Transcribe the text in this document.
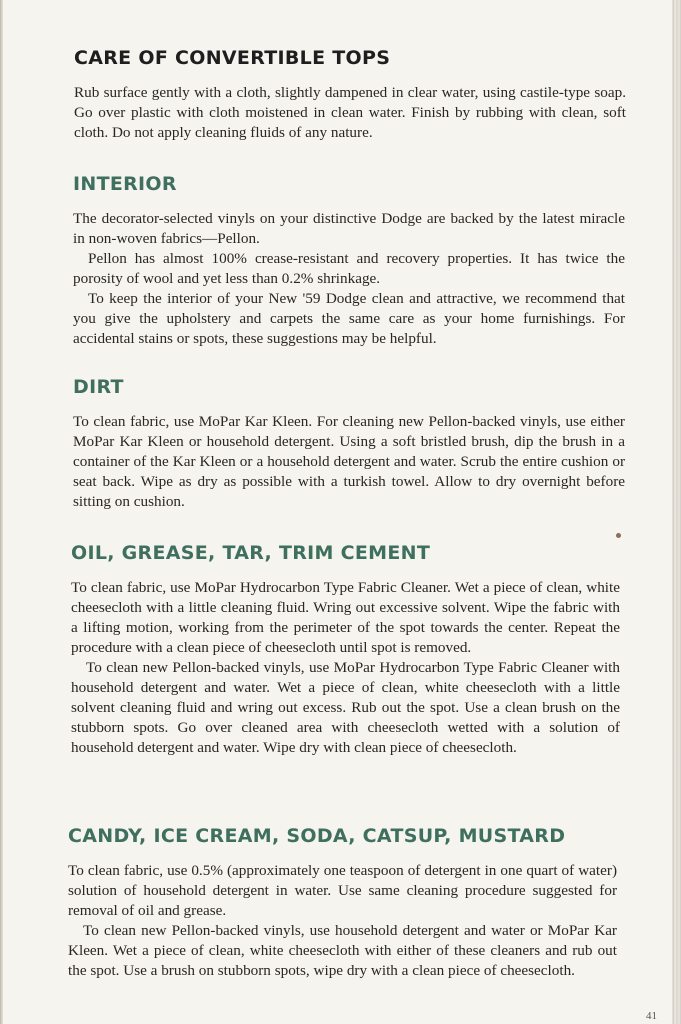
CARE OF CONVERTIBLE TOPS

Rub surface gently with a cloth, slightly dampened in clear water, using castile-type soap. Go over plastic with cloth moistened in clean water. Finish by rubbing with clean, soft cloth. Do not apply cleaning fluids of any nature.

INTERIOR

The decorator-selected vinyls on your distinctive Dodge are backed by the latest miracle in non-woven fabrics—Pellon.

Pellon has almost 100% crease-resistant and recovery properties. It has twice the porosity of wool and yet less than 0.2% shrinkage.

To keep the interior of your New '59 Dodge clean and attractive, we recommend that you give the upholstery and carpets the same care as your home furnishings. For accidental stains or spots, these suggestions may be helpful.

DIRT

To clean fabric, use MoPar Kar Kleen. For cleaning new Pellon-backed vinyls, use either MoPar Kar Kleen or household detergent. Using a soft bristled brush, dip the brush in a container of the Kar Kleen or a household detergent and water. Scrub the entire cushion or seat back. Wipe as dry as possible with a turkish towel. Allow to dry overnight before sitting on cushion.

OIL, GREASE, TAR, TRIM CEMENT

To clean fabric, use MoPar Hydrocarbon Type Fabric Cleaner. Wet a piece of clean, white cheesecloth with a little cleaning fluid. Wring out excessive solvent. Wipe the fabric with a lifting motion, working from the perimeter of the spot towards the center. Repeat the procedure with a clean piece of cheesecloth until spot is removed.

To clean new Pellon-backed vinyls, use MoPar Hydrocarbon Type Fabric Cleaner with household detergent and water. Wet a piece of clean, white cheesecloth with a little solvent cleaning fluid and wring out excess. Rub out the spot. Use a clean brush on the stubborn spots. Go over cleaned area with cheesecloth wetted with a solution of household detergent and water. Wipe dry with clean piece of cheesecloth.

CANDY, ICE CREAM, SODA, CATSUP, MUSTARD

To clean fabric, use 0.5% (approximately one teaspoon of detergent in one quart of water) solution of household detergent in water. Use same cleaning procedure suggested for removal of oil and grease.

To clean new Pellon-backed vinyls, use household detergent and water or MoPar Kar Kleen. Wet a piece of clean, white cheesecloth with either of these cleaners and rub out the spot. Use a brush on stubborn spots, wipe dry with a clean piece of cheesecloth.

41
